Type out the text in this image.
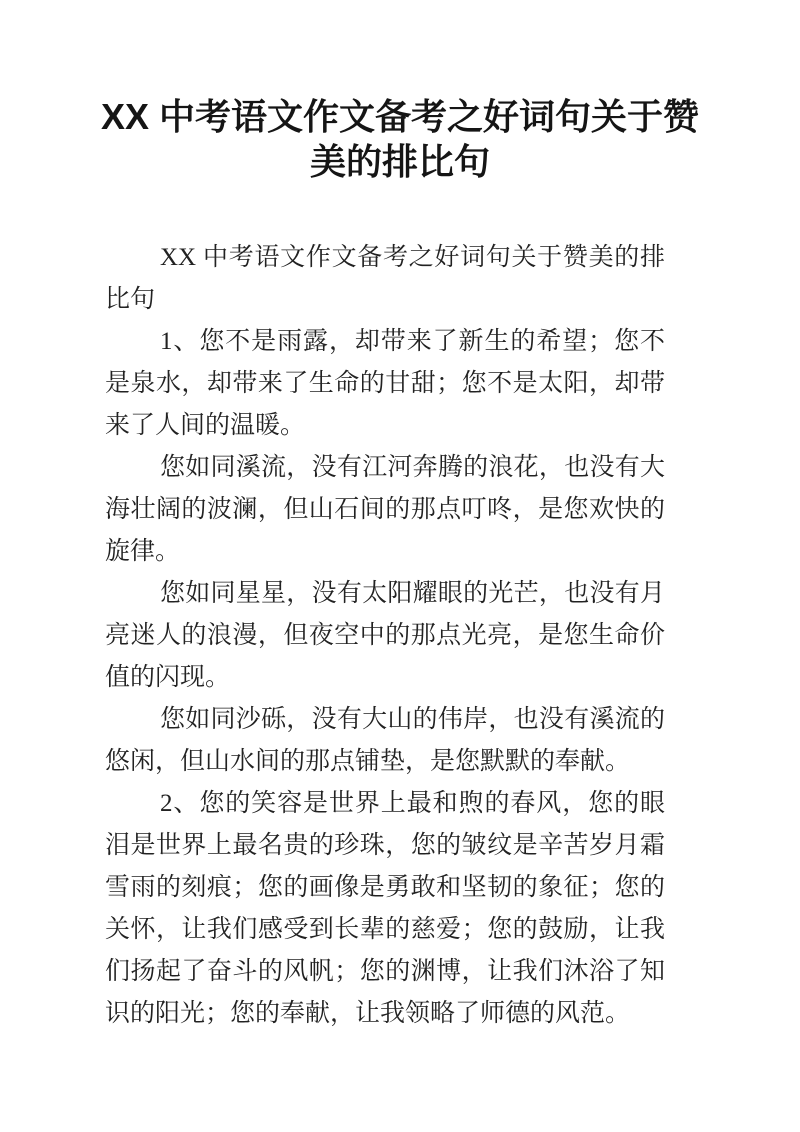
XX 中考语文作文备考之好词句关于赞美的排比句

XX 中考语文作文备考之好词句关于赞美的排比句

1、您不是雨露，却带来了新生的希望；您不是泉水，却带来了生命的甘甜；您不是太阳，却带来了人间的温暖。

您如同溪流，没有江河奔腾的浪花，也没有大海壮阔的波澜，但山石间的那点叮咚，是您欢快的旋律。

您如同星星，没有太阳耀眼的光芒，也没有月亮迷人的浪漫，但夜空中的那点光亮，是您生命价值的闪现。

您如同沙砾，没有大山的伟岸，也没有溪流的悠闲，但山水间的那点铺垫，是您默默的奉献。

2、您的笑容是世界上最和煦的春风，您的眼泪是世界上最名贵的珍珠，您的皱纹是辛苦岁月霜雪雨的刻痕；您的画像是勇敢和坚韧的象征；您的关怀，让我们感受到长辈的慈爱；您的鼓励，让我们扬起了奋斗的风帆；您的渊博，让我们沐浴了知识的阳光；您的奉献，让我领略了师德的风范。
